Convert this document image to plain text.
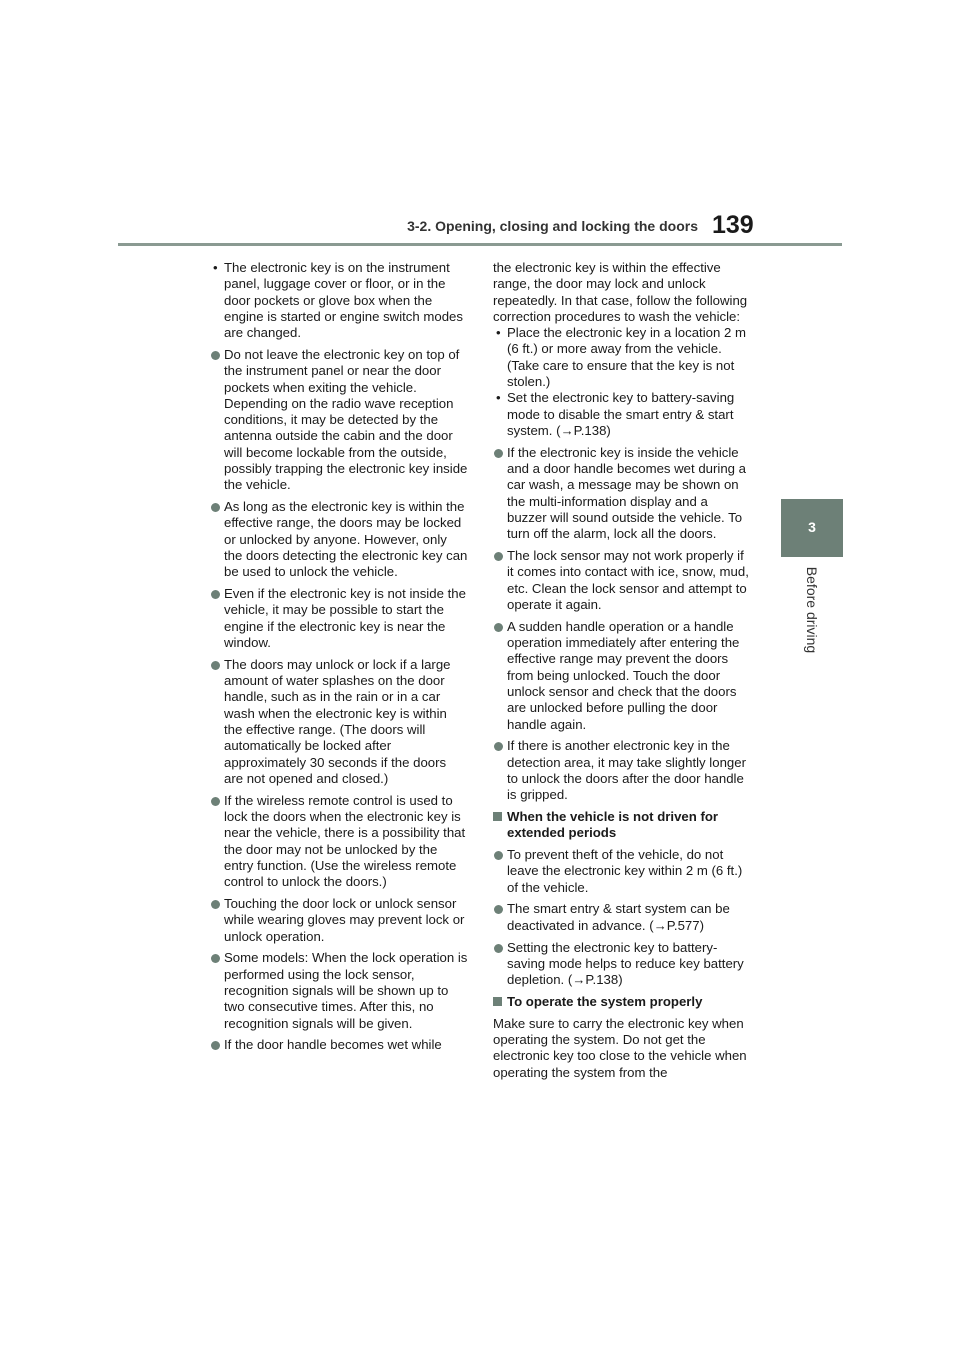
3-2. Opening, closing and locking the doors 139
3
Before driving

• The electronic key is on the instrument panel, luggage cover or floor, or in the door pockets or glove box when the engine is started or engine switch modes are changed.

Do not leave the electronic key on top of the instrument panel or near the door pockets when exiting the vehicle. Depending on the radio wave reception conditions, it may be detected by the antenna outside the cabin and the door will become lockable from the outside, possibly trapping the electronic key inside the vehicle.

As long as the electronic key is within the effective range, the doors may be locked or unlocked by anyone. However, only the doors detecting the electronic key can be used to unlock the vehicle.

Even if the electronic key is not inside the vehicle, it may be possible to start the engine if the electronic key is near the window.

The doors may unlock or lock if a large amount of water splashes on the door handle, such as in the rain or in a car wash when the electronic key is within the effective range. (The doors will automatically be locked after approximately 30 seconds if the doors are not opened and closed.)

If the wireless remote control is used to lock the doors when the electronic key is near the vehicle, there is a possibility that the door may not be unlocked by the entry function. (Use the wireless remote control to unlock the doors.)

Touching the door lock or unlock sensor while wearing gloves may prevent lock or unlock operation.

Some models: When the lock operation is performed using the lock sensor, recognition signals will be shown up to two consecutive times. After this, no recognition signals will be given.

If the door handle becomes wet while

the electronic key is within the effective range, the door may lock and unlock repeatedly. In that case, follow the following correction procedures to wash the vehicle:

• Place the electronic key in a location 2 m (6 ft.) or more away from the vehicle. (Take care to ensure that the key is not stolen.)

• Set the electronic key to battery-saving mode to disable the smart entry & start system. (→P.138)

If the electronic key is inside the vehicle and a door handle becomes wet during a car wash, a message may be shown on the multi-information display and a buzzer will sound outside the vehicle. To turn off the alarm, lock all the doors.

The lock sensor may not work properly if it comes into contact with ice, snow, mud, etc. Clean the lock sensor and attempt to operate it again.

A sudden handle operation or a handle operation immediately after entering the effective range may prevent the doors from being unlocked. Touch the door unlock sensor and check that the doors are unlocked before pulling the door handle again.

If there is another electronic key in the detection area, it may take slightly longer to unlock the doors after the door handle is gripped.

When the vehicle is not driven for extended periods

To prevent theft of the vehicle, do not leave the electronic key within 2 m (6 ft.) of the vehicle.

The smart entry & start system can be deactivated in advance. (→P.577)

Setting the electronic key to battery-saving mode helps to reduce key battery depletion. (→P.138)

To operate the system properly

Make sure to carry the electronic key when operating the system. Do not get the electronic key too close to the vehicle when operating the system from the
